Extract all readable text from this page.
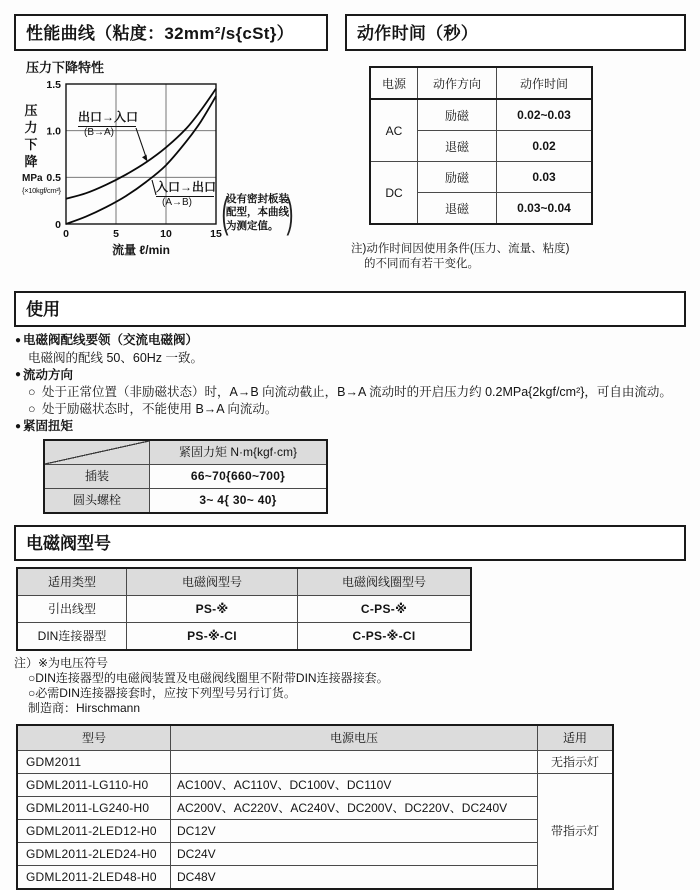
性能曲线（粘度：32mm²/s{cSt}）
压力下降特性
压
力
下
降
MPa
{×10kgf/cm²}
0	5	10	15
0
0.5
1.0
1.5
出口→入口
(B→A)
入口→出口
(A→B)
流量 ℓ/min
(
设有密封板装
配型，本曲线
为测定值。 )
动作时间（秒）
电源	动作方向	动作时间
AC	励磁	0.02~0.03
	退磁	0.02
DC	励磁	0.03
	退磁	0.03~0.04
注)动作时间因使用条件(压力、流量、粘度)
的不同而有若干变化。
使用

● 电磁阀配线要领（交流电磁阀）

电磁阀的配线 50、60Hz 一致。

● 流动方向

○ 处于正常位置（非励磁状态）时，A→B 向流动截止，B→A 流动时的开启压力约 0.2MPa{2kgf/cm²}，可自由流动。

○ 处于励磁状态时，不能使用 B→A 向流动。

● 紧固扭矩

	紧固力矩 N·m{kgf·cm}
插装	66~70{660~700}
圆头螺栓	3~ 4{ 30~ 40}
电磁阀型号
适用类型	电磁阀型号	电磁阀线圈型号
引出线型	PS-※	C-PS-※
DIN连接器型	PS-※-CI	C-PS-※-CI
注）※为电压符号
○DIN连接器型的电磁阀装置及电磁阀线圈里不附带DIN连接器接套。
○必需DIN连接器接套时，应按下列型号另行订货。
制造商：Hirschmann
型号	电源电压	适用
GDM2011		无指示灯
GDML2011-LG110-H0	AC100V、AC110V、DC100V、DC110V	带指示灯
GDML2011-LG240-H0	AC200V、AC220V、AC240V、DC200V、DC220V、DC240V	
GDML2011-2LED12-H0	DC12V	
GDML2011-2LED24-H0	DC24V	
GDML2011-2LED48-H0	DC48V	
